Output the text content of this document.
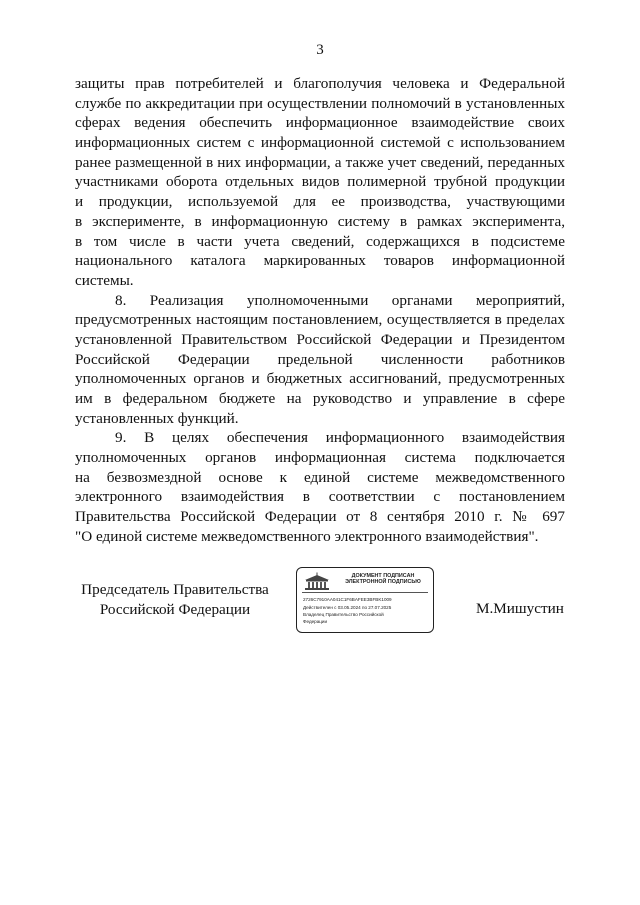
3
защиты прав потребителей и благополучия человека и Федеральной
службе по аккредитации при осуществлении полномочий в установленных
сферах ведения обеспечить информационное взаимодействие своих
информационных систем с информационной системой с использованием
ранее размещенной в них информации, а также учет сведений, переданных
участниками оборота отдельных видов полимерной трубной продукции
и продукции, используемой для ее производства, участвующими
в эксперименте, в информационную систему в рамках эксперимента,
в том числе в части учета сведений, содержащихся в подсистеме
национального каталога маркированных товаров информационной
системы.
8. Реализация уполномоченными органами мероприятий,
предусмотренных настоящим постановлением, осуществляется в пределах
установленной Правительством Российской Федерации и Президентом
Российской Федерации предельной численности работников
уполномоченных органов и бюджетных ассигнований, предусмотренных
им в федеральном бюджете на руководство и управление в сфере
установленных функций.
9. В целях обеспечения информационного взаимодействия
уполномоченных органов информационная система подключается
на безвозмездной основе к единой системе межведомственного
электронного взаимодействия в соответствии с постановлением
Правительства Российской Федерации от 8 сентября 2010 г. № 697
"О единой системе межведомственного электронного взаимодействия".
Председатель Правительства
Российской Федерации
ДОКУМЕНТ ПОДПИСАН
ЭЛЕКТРОННОЙ ПОДПИСЬЮ
2726C7910AA041C1F6BAFEE3BFBK1009
Действителен с 03.05.2024 по 27.07.2025
Владелец Правительство Российской
Федерации
М.Мишустин
